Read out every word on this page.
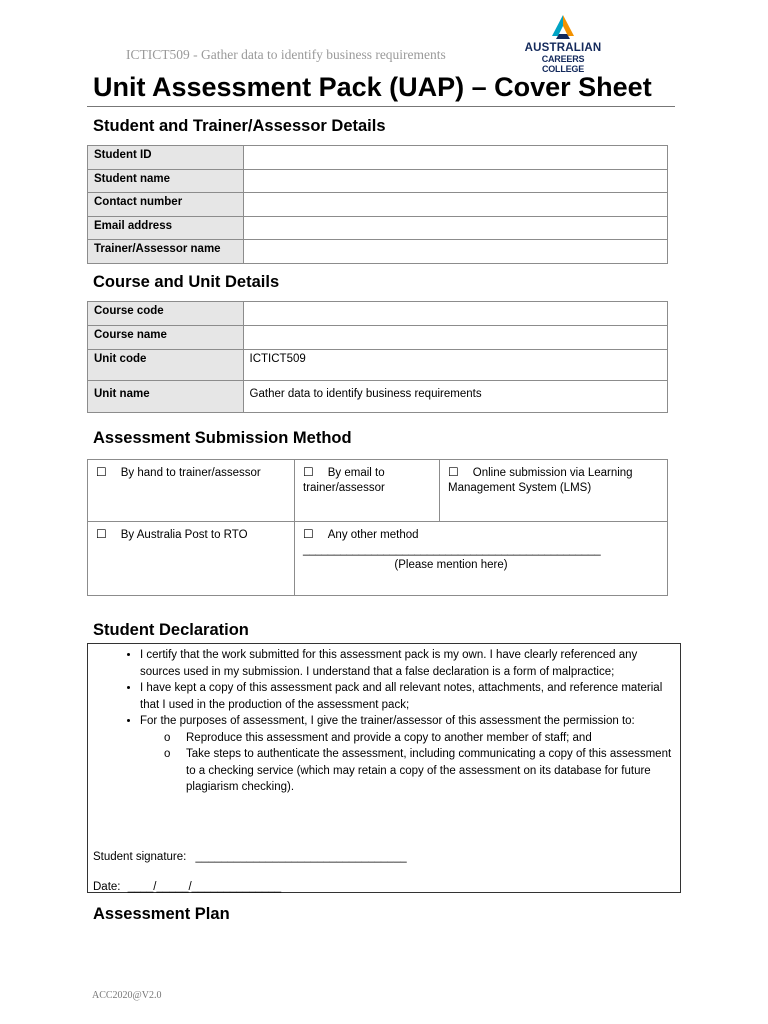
ICTICT509 - Gather data to identify business requirements	AUSTRALIAN
CAREERS COLLEGE
Unit Assessment Pack (UAP) – Cover Sheet
Student and Trainer/Assessor Details
Student ID	
Student name	
Contact number	
Email address	
Trainer/Assessor name	
Course and Unit Details
Course code	
Course name	
Unit code	ICTICT509
Unit name	Gather data to identify business requirements
Assessment Submission Method
☐ By hand to trainer/assessor	☐ By email to trainer/assessor	☐ Online submission via Learning Management System (LMS)
☐ By Australia Post to RTO	☐ Any other method
________________________________________________

(Please mention here)	
Student Declaration
• I certify that the work submitted for this assessment pack is my own. I have clearly referenced any sources used in my submission. I understand that a false declaration is a form of malpractice;
• I have kept a copy of this assessment pack and all relevant notes, attachments, and reference material that I used in the production of the assessment pack;
• For the purposes of assessment, I give the trainer/assessor of this assessment the permission to:
o Reproduce this assessment and provide a copy to another member of staff; and
o Take steps to authenticate the assessment, including communicating a copy of this assessment to a checking service (which may retain a copy of the assessment on its database for future plagiarism checking).
Student signature: _________________________________
Date: ____/_____/______________
Assessment Plan
ACC2020@V2.0
